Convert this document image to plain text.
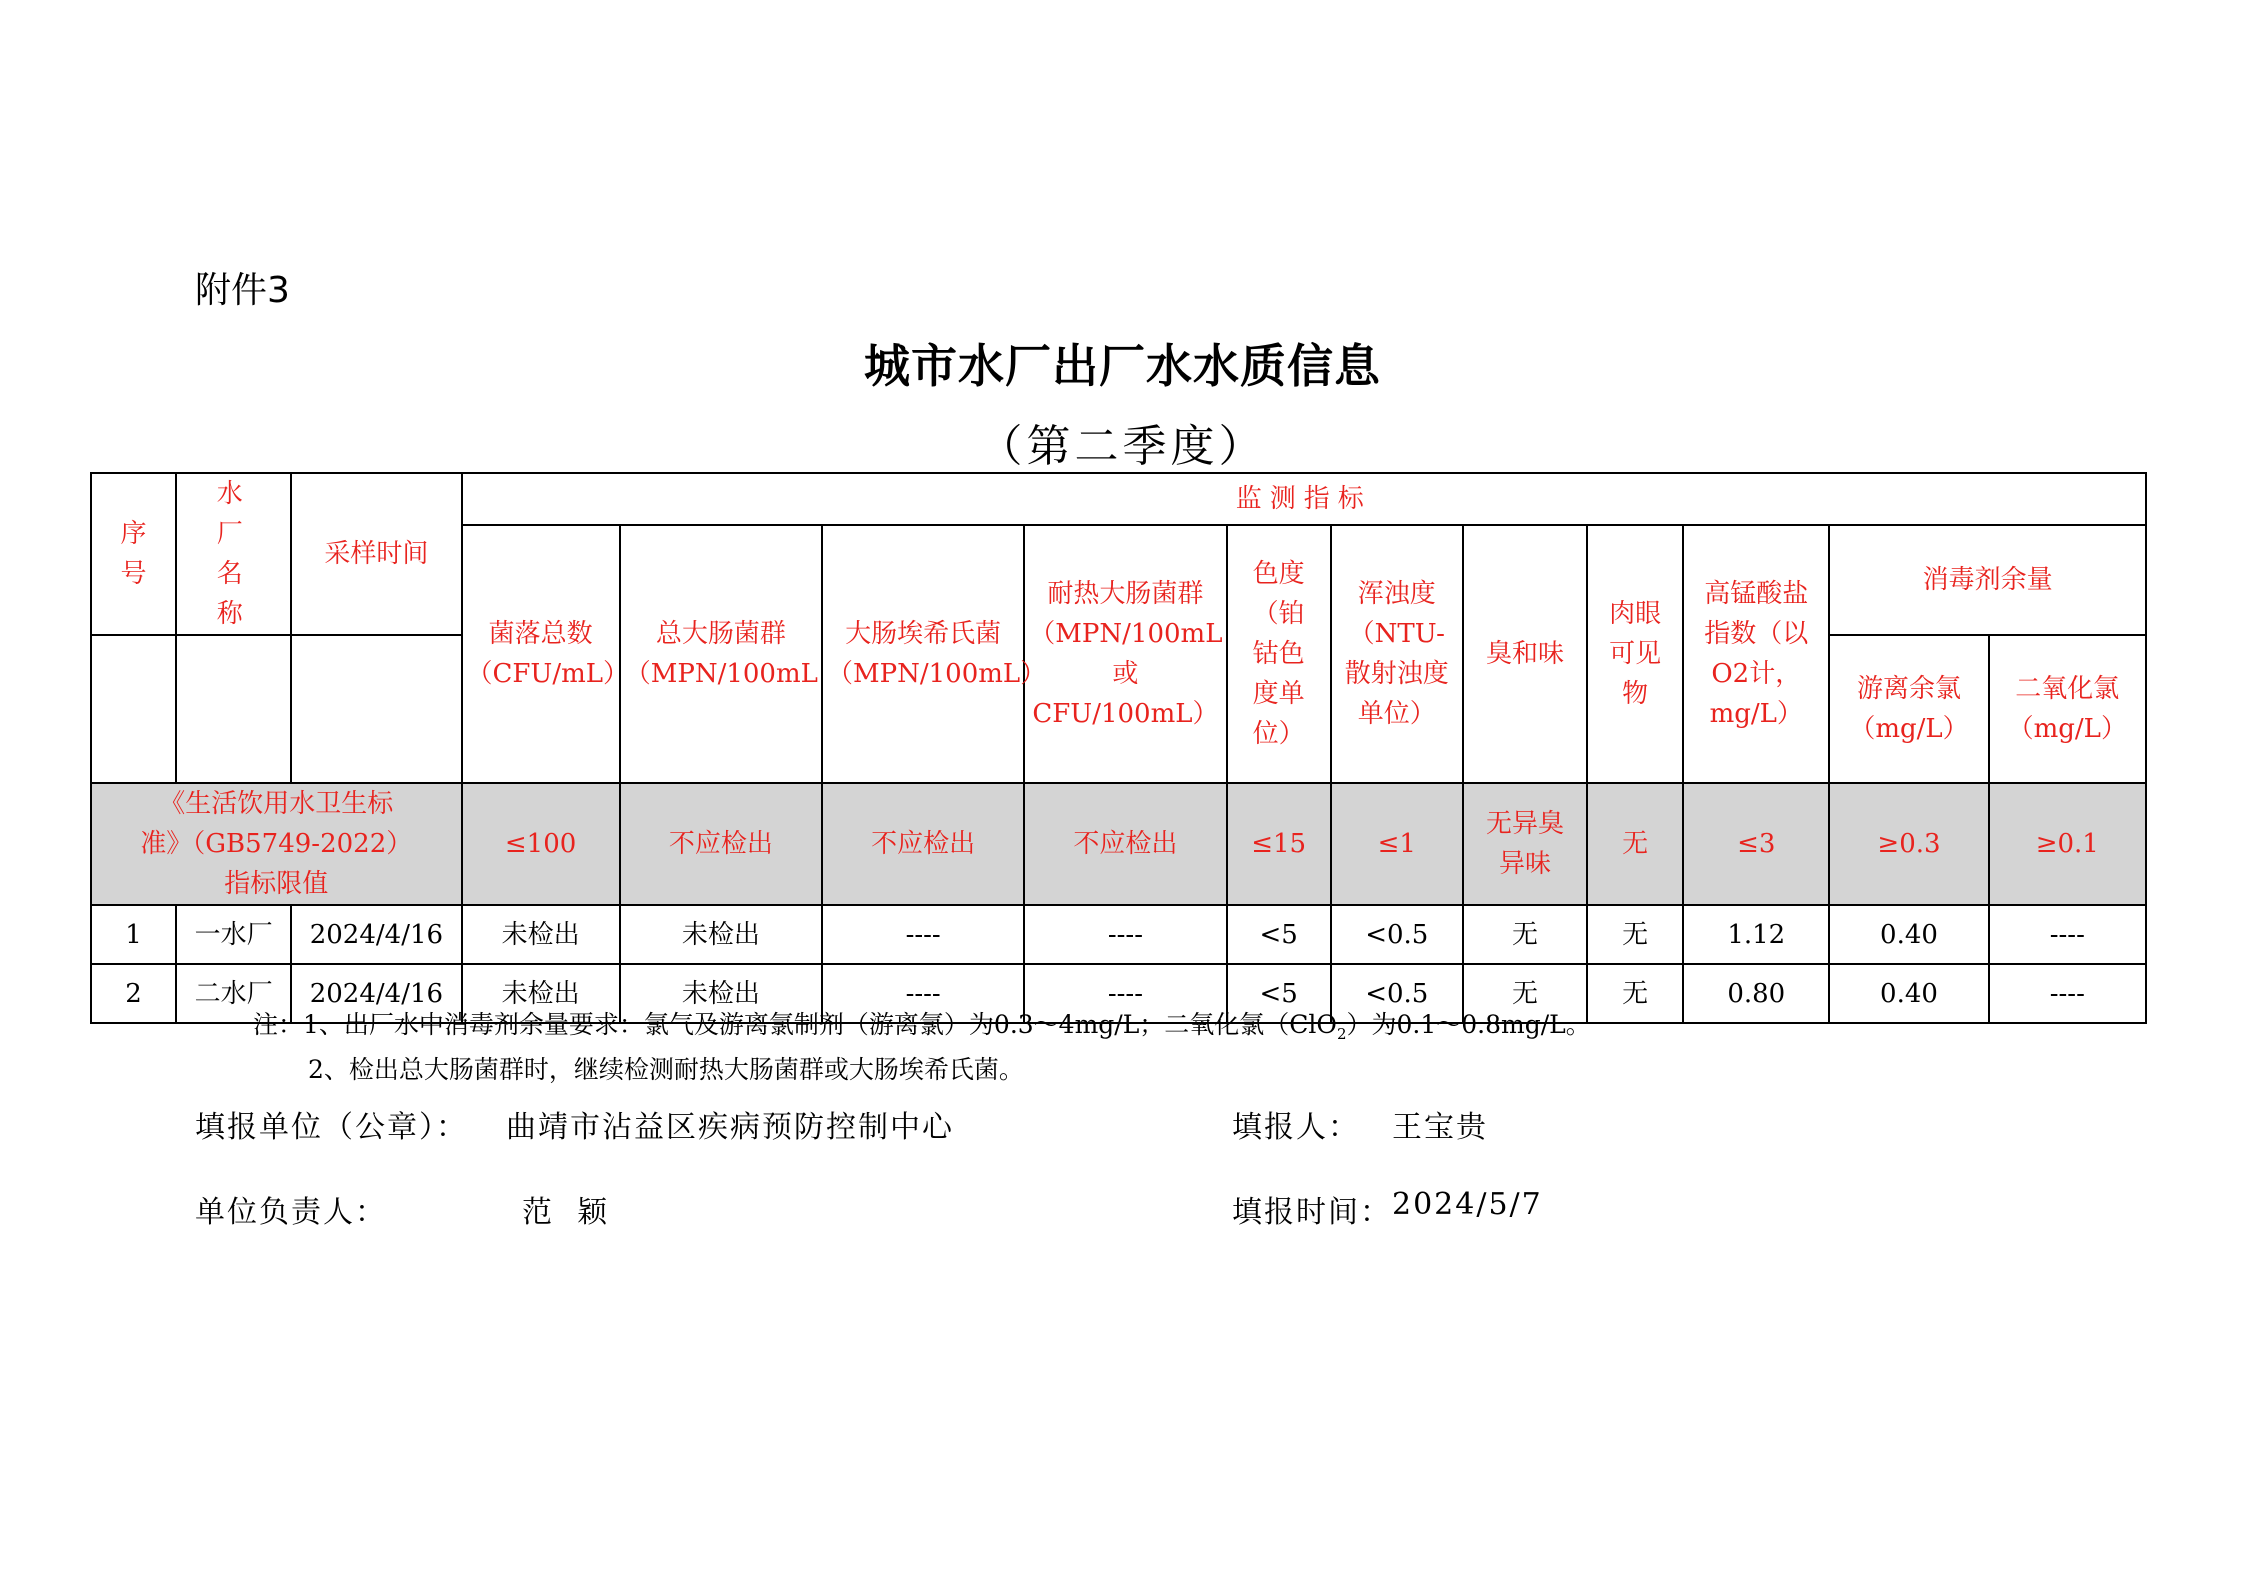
附件3
城市水厂出厂水水质信息
（第二季度）
序号	水厂名称	采样时间	监测指标										

			菌落总数（CFU/mL）	总大肠菌群（MPN/100mL	大肠埃希氏菌（MPN/100mL）	耐热大肠菌群（MPN/100mL或CFU/100mL）	色度（铂钴色度单位）	浑浊度（NTU-散射浊度单位）	臭和味	肉眼可见物	高锰酸盐指数（以O2计，mg/L）	消毒剂余量	

												游离余氯（mg/L）	二氧化氯（mg/L）

《生活饮用水卫生标准》（GB5749-2022）指标限值			≤100	不应检出	不应检出	不应检出	≤15	≤1	无异臭异味	无	≤3	≥0.3	≥0.1
1	一水厂	2024/4/16	未检出	未检出	----	----	<5	<0.5	无	无	1.12	0.40	----
2	二水厂	2024/4/16	未检出	未检出	----	----	<5	<0.5	无	无	0.80	0.40	----
注：1、出厂水中消毒剂余量要求：氯气及游离氯制剂（游离氯）为0.3～4mg/L；二氧化氯（ClO$_2$）为0.1～0.8mg/L。
2、检出总大肠菌群时，继续检测耐热大肠菌群或大肠埃希氏菌。
填报单位（公章）： 曲靖市沾益区疾病预防控制中心	填报人： 王宝贵
单位负责人：	范  颖	填报时间： 2024/5/7
